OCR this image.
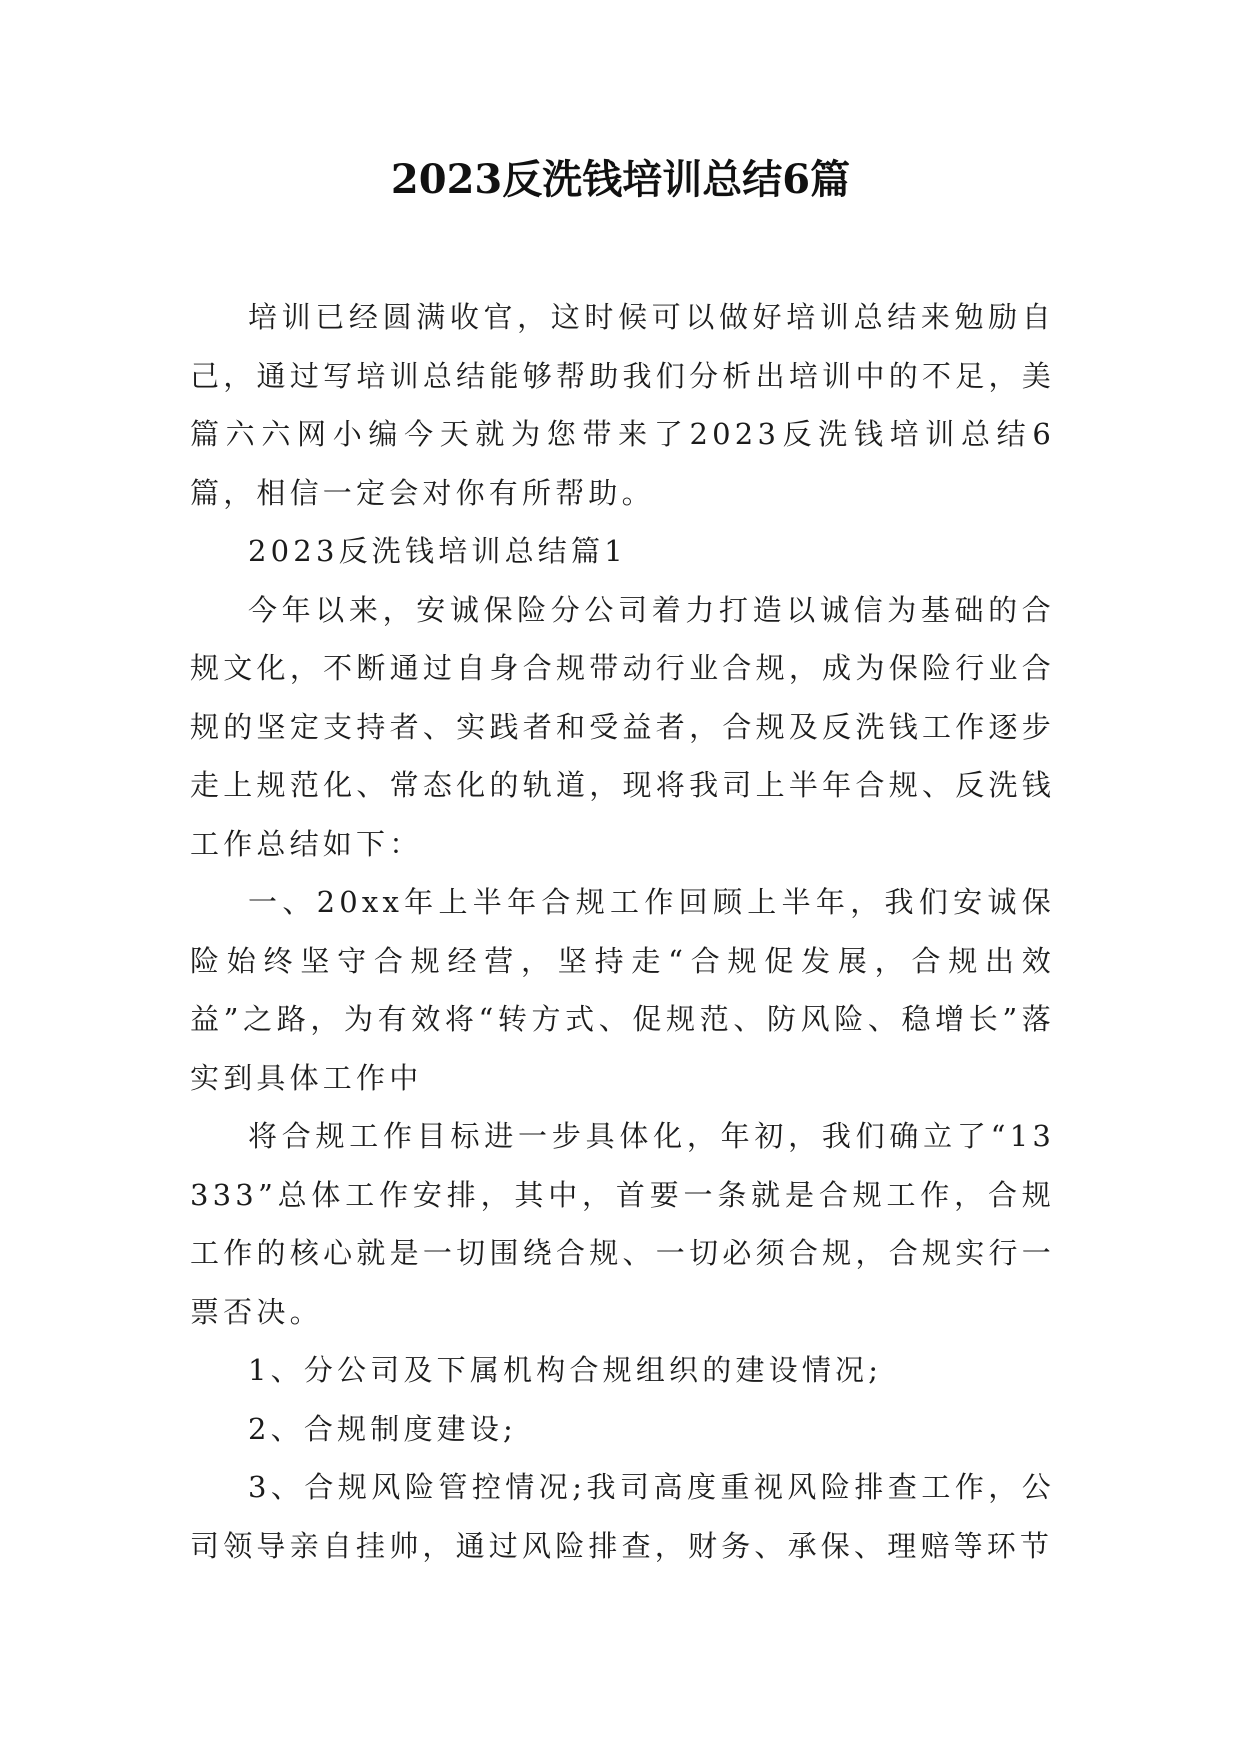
2023反洗钱培训总结6篇

培训已经圆满收官，这时候可以做好培训总结来勉励自己，通过写培训总结能够帮助我们分析出培训中的不足，美篇六六网小编今天就为您带来了2023反洗钱培训总结6篇，相信一定会对你有所帮助。

2023反洗钱培训总结篇1

今年以来，安诚保险分公司着力打造以诚信为基础的合规文化，不断通过自身合规带动行业合规，成为保险行业合规的坚定支持者、实践者和受益者，合规及反洗钱工作逐步走上规范化、常态化的轨道，现将我司上半年合规、反洗钱工作总结如下：

一、20xx年上半年合规工作回顾上半年，我们安诚保险始终坚守合规经营，坚持走“合规促发展，合规出效益”之路，为有效将“转方式、促规范、防风险、稳增长”落实到具体工作中

将合规工作目标进一步具体化，年初，我们确立了“13333”总体工作安排，其中，首要一条就是合规工作，合规工作的核心就是一切围绕合规、一切必须合规，合规实行一票否决。

1、分公司及下属机构合规组织的建设情况;

2、合规制度建设;

3、合规风险管控情况;我司高度重视风险排查工作，公司领导亲自挂帅，通过风险排查，财务、承保、理赔等环节
